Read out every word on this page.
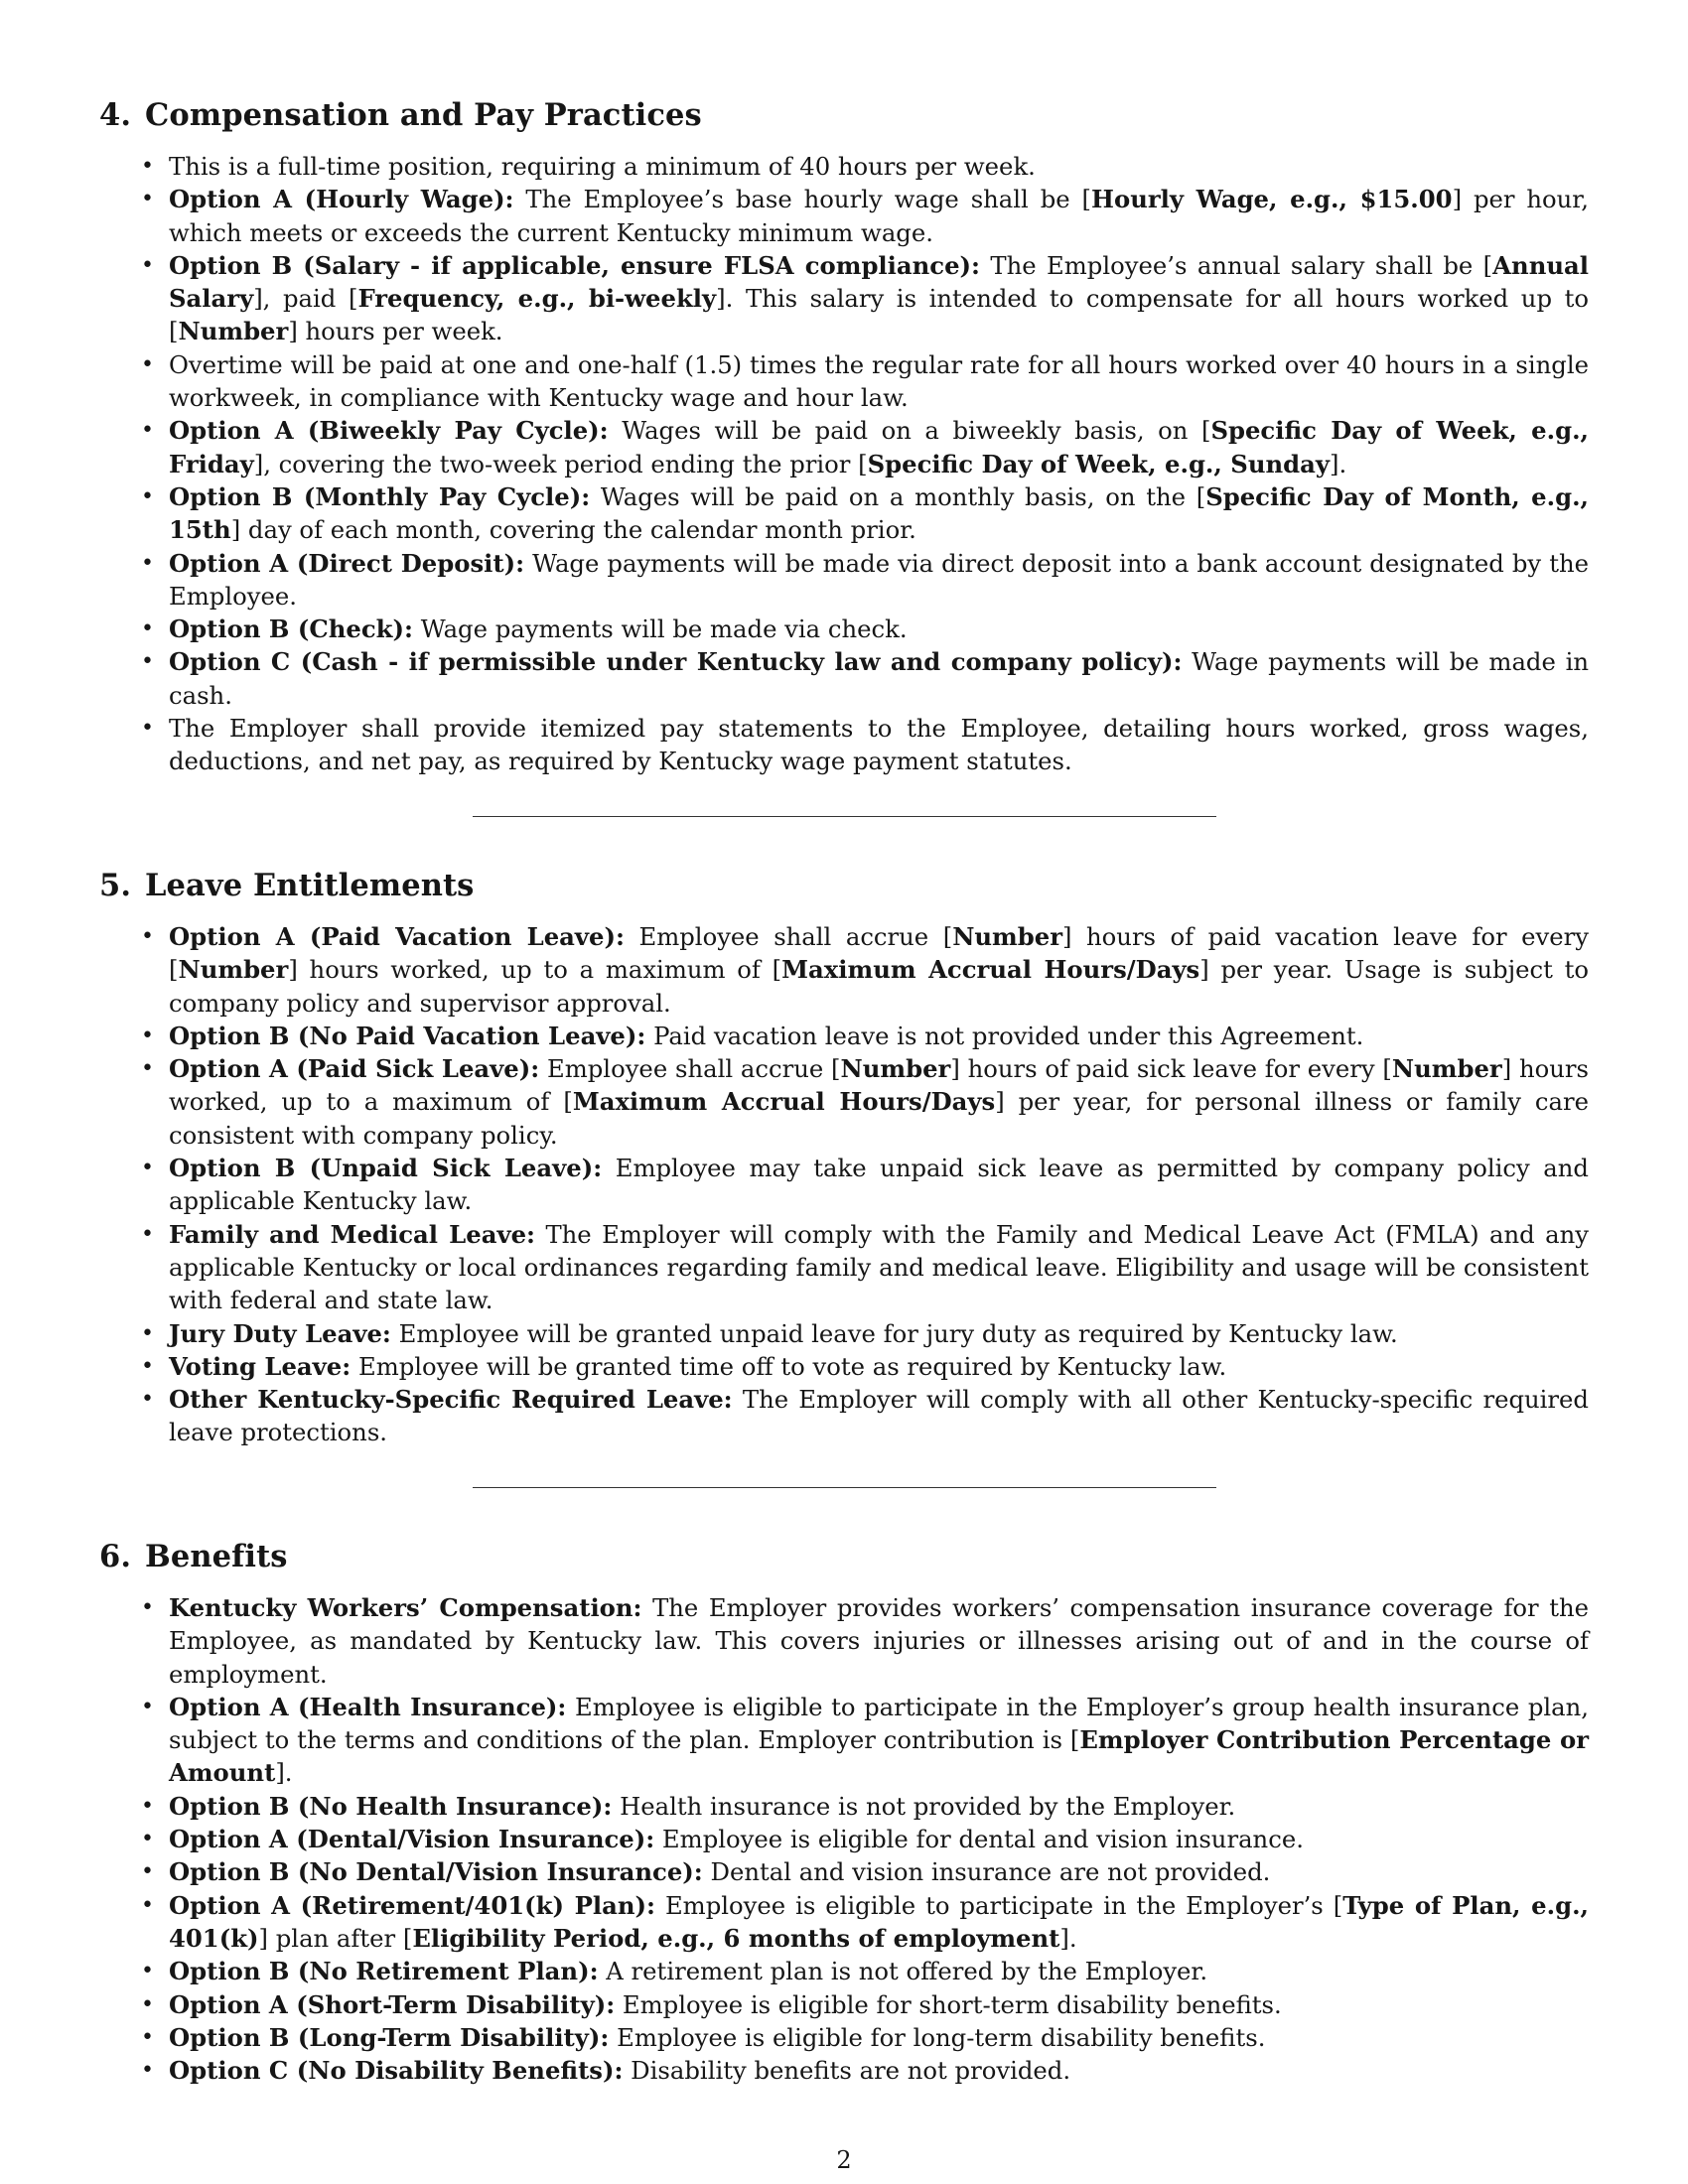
4. Compensation and Pay Practices
• This is a full-time position, requiring a minimum of 40 hours per week.
• Option A (Hourly Wage): The Employee’s base hourly wage shall be [Hourly Wage, e.g., $15.00] per hour, which meets or exceeds the current Kentucky minimum wage.
• Option B (Salary - if applicable, ensure FLSA compliance): The Employee’s annual salary shall be [Annual Salary], paid [Frequency, e.g., bi-weekly]. This salary is intended to compensate for all hours worked up to [Number] hours per week.
• Overtime will be paid at one and one-half (1.5) times the regular rate for all hours worked over 40 hours in a single workweek, in compliance with Kentucky wage and hour law.
• Option A (Biweekly Pay Cycle): Wages will be paid on a biweekly basis, on [Specific Day of Week, e.g., Friday], covering the two-week period ending the prior [Specific Day of Week, e.g., Sunday].
• Option B (Monthly Pay Cycle): Wages will be paid on a monthly basis, on the [Specific Day of Month, e.g., 15th] day of each month, covering the calendar month prior.
• Option A (Direct Deposit): Wage payments will be made via direct deposit into a bank account designated by the Employee.
• Option B (Check): Wage payments will be made via check.
• Option C (Cash - if permissible under Kentucky law and company policy): Wage payments will be made in cash.
• The Employer shall provide itemized pay statements to the Employee, detailing hours worked, gross wages, deductions, and net pay, as required by Kentucky wage payment statutes.
5. Leave Entitlements
• Option A (Paid Vacation Leave): Employee shall accrue [Number] hours of paid vacation leave for every [Number] hours worked, up to a maximum of [Maximum Accrual Hours/Days] per year. Usage is subject to company policy and supervisor approval.
• Option B (No Paid Vacation Leave): Paid vacation leave is not provided under this Agreement.
• Option A (Paid Sick Leave): Employee shall accrue [Number] hours of paid sick leave for every [Number] hours worked, up to a maximum of [Maximum Accrual Hours/Days] per year, for personal illness or family care consistent with company policy.
• Option B (Unpaid Sick Leave): Employee may take unpaid sick leave as permitted by company policy and applicable Kentucky law.
• Family and Medical Leave: The Employer will comply with the Family and Medical Leave Act (FMLA) and any applicable Kentucky or local ordinances regarding family and medical leave. Eligibility and usage will be consistent with federal and state law.
• Jury Duty Leave: Employee will be granted unpaid leave for jury duty as required by Kentucky law.
• Voting Leave: Employee will be granted time off to vote as required by Kentucky law.
• Other Kentucky-Specific Required Leave: The Employer will comply with all other Kentucky-specific required leave protections.
6. Benefits
• Kentucky Workers’ Compensation: The Employer provides workers’ compensation insurance coverage for the Employee, as mandated by Kentucky law. This covers injuries or illnesses arising out of and in the course of employment.
• Option A (Health Insurance): Employee is eligible to participate in the Employer’s group health insurance plan, subject to the terms and conditions of the plan. Employer contribution is [Employer Contribution Percentage or Amount].
• Option B (No Health Insurance): Health insurance is not provided by the Employer.
• Option A (Dental/Vision Insurance): Employee is eligible for dental and vision insurance.
• Option B (No Dental/Vision Insurance): Dental and vision insurance are not provided.
• Option A (Retirement/401(k) Plan): Employee is eligible to participate in the Employer’s [Type of Plan, e.g., 401(k)] plan after [Eligibility Period, e.g., 6 months of employment].
• Option B (No Retirement Plan): A retirement plan is not offered by the Employer.
• Option A (Short-Term Disability): Employee is eligible for short-term disability benefits.
• Option B (Long-Term Disability): Employee is eligible for long-term disability benefits.
• Option C (No Disability Benefits): Disability benefits are not provided.
2
